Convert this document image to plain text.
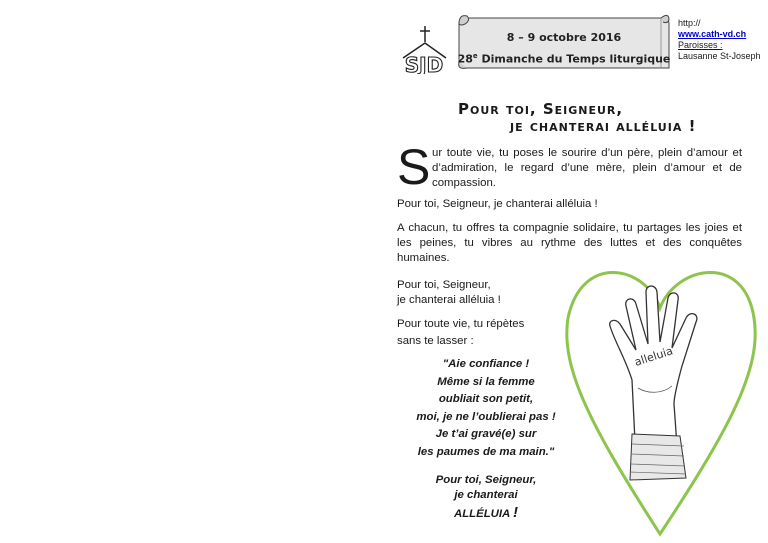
SJD
8 – 9 octobre 2016
28e Dimanche du Temps liturgique
http://
www.cath-vd.ch
Paroisses :
Lausanne St-Joseph
Pour toi, Seigneur,
je chanterai alléluia !
S ur toute vie, tu poses le sourire d’un père, plein d’amour et d’admiration, le regard d’une mère, plein d’amour et de compassion.
Pour toi, Seigneur, je chanterai alléluia !
A chacun, tu offres ta compagnie solidaire, tu partages les joies et les peines, tu vibres au rythme des luttes et des conquêtes humaines.
Pour toi, Seigneur,
je chanterai alléluia !
Pour toute vie, tu répètes
sans te lasser :
"Aie confiance !
Même si la femme
oubliait son petit,
moi, je ne l’oublierai pas !
Je t’ai gravé(e) sur
les paumes de ma main."
Pour toi, Seigneur,
je chanterai
ALLÉLUIA !
alleluia
